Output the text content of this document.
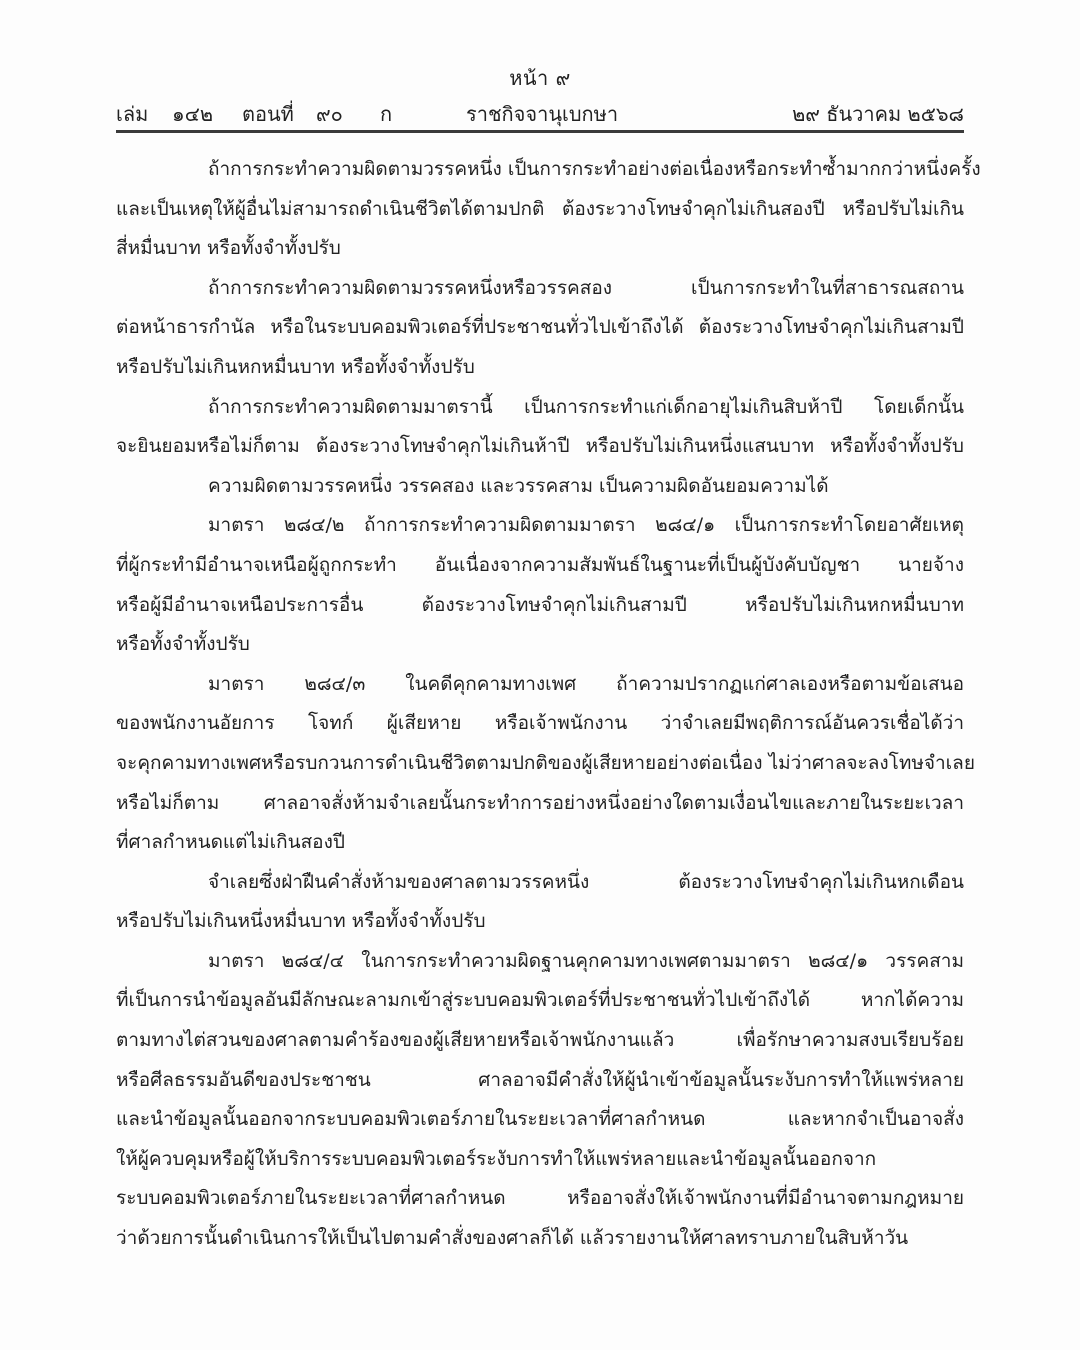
หน้า ๙
เล่ม ๑๔๒ ตอนที่ ๙๐ ก	ราชกิจจานุเบกษา	๒๙ ธันวาคม ๒๕๖๘
ถ้าการกระทำความผิดตามวรรคหนึ่ง เป็นการกระทำอย่างต่อเนื่องหรือกระทำซ้ำมากกว่าหนึ่งครั้ง
และเป็นเหตุให้ผู้อื่นไม่สามารถดำเนินชีวิตได้ตามปกติ ต้องระวางโทษจำคุกไม่เกินสองปี หรือปรับไม่เกิน
สี่หมื่นบาท หรือทั้งจำทั้งปรับ
ถ้าการกระทำความผิดตามวรรคหนึ่งหรือวรรคสอง เป็นการกระทำในที่สาธารณสถาน
ต่อหน้าธารกำนัล หรือในระบบคอมพิวเตอร์ที่ประชาชนทั่วไปเข้าถึงได้ ต้องระวางโทษจำคุกไม่เกินสามปี
หรือปรับไม่เกินหกหมื่นบาท หรือทั้งจำทั้งปรับ
ถ้าการกระทำความผิดตามมาตรานี้ เป็นการกระทำแก่เด็กอายุไม่เกินสิบห้าปี โดยเด็กนั้น
จะยินยอมหรือไม่ก็ตาม ต้องระวางโทษจำคุกไม่เกินห้าปี หรือปรับไม่เกินหนึ่งแสนบาท หรือทั้งจำทั้งปรับ
ความผิดตามวรรคหนึ่ง วรรคสอง และวรรคสาม เป็นความผิดอันยอมความได้
มาตรา ๒๘๔/๒ ถ้าการกระทำความผิดตามมาตรา ๒๘๔/๑ เป็นการกระทำโดยอาศัยเหตุ
ที่ผู้กระทำมีอำนาจเหนือผู้ถูกกระทำ อันเนื่องจากความสัมพันธ์ในฐานะที่เป็นผู้บังคับบัญชา นายจ้าง
หรือผู้มีอำนาจเหนือประการอื่น ต้องระวางโทษจำคุกไม่เกินสามปี หรือปรับไม่เกินหกหมื่นบาท
หรือทั้งจำทั้งปรับ
มาตรา ๒๘๔/๓ ในคดีคุกคามทางเพศ ถ้าความปรากฏแก่ศาลเองหรือตามข้อเสนอ
ของพนักงานอัยการ โจทก์ ผู้เสียหาย หรือเจ้าพนักงาน ว่าจำเลยมีพฤติการณ์อันควรเชื่อได้ว่า
จะคุกคามทางเพศหรือรบกวนการดำเนินชีวิตตามปกติของผู้เสียหายอย่างต่อเนื่อง ไม่ว่าศาลจะลงโทษจำเลย
หรือไม่ก็ตาม ศาลอาจสั่งห้ามจำเลยนั้นกระทำการอย่างหนึ่งอย่างใดตามเงื่อนไขและภายในระยะเวลา
ที่ศาลกำหนดแต่ไม่เกินสองปี
จำเลยซึ่งฝ่าฝืนคำสั่งห้ามของศาลตามวรรคหนึ่ง ต้องระวางโทษจำคุกไม่เกินหกเดือน
หรือปรับไม่เกินหนึ่งหมื่นบาท หรือทั้งจำทั้งปรับ
มาตรา ๒๘๔/๔ ในการกระทำความผิดฐานคุกคามทางเพศตามมาตรา ๒๘๔/๑ วรรคสาม
ที่เป็นการนำข้อมูลอันมีลักษณะลามกเข้าสู่ระบบคอมพิวเตอร์ที่ประชาชนทั่วไปเข้าถึงได้ หากได้ความ
ตามทางไต่สวนของศาลตามคำร้องของผู้เสียหายหรือเจ้าพนักงานแล้ว เพื่อรักษาความสงบเรียบร้อย
หรือศีลธรรมอันดีของประชาชน ศาลอาจมีคำสั่งให้ผู้นำเข้าข้อมูลนั้นระงับการทำให้แพร่หลาย
และนำข้อมูลนั้นออกจากระบบคอมพิวเตอร์ภายในระยะเวลาที่ศาลกำหนด และหากจำเป็นอาจสั่ง
ให้ผู้ควบคุมหรือผู้ให้บริการระบบคอมพิวเตอร์ระงับการทำให้แพร่หลายและนำข้อมูลนั้นออกจาก
ระบบคอมพิวเตอร์ภายในระยะเวลาที่ศาลกำหนด หรืออาจสั่งให้เจ้าพนักงานที่มีอำนาจตามกฎหมาย
ว่าด้วยการนั้นดำเนินการให้เป็นไปตามคำสั่งของศาลก็ได้ แล้วรายงานให้ศาลทราบภายในสิบห้าวัน
